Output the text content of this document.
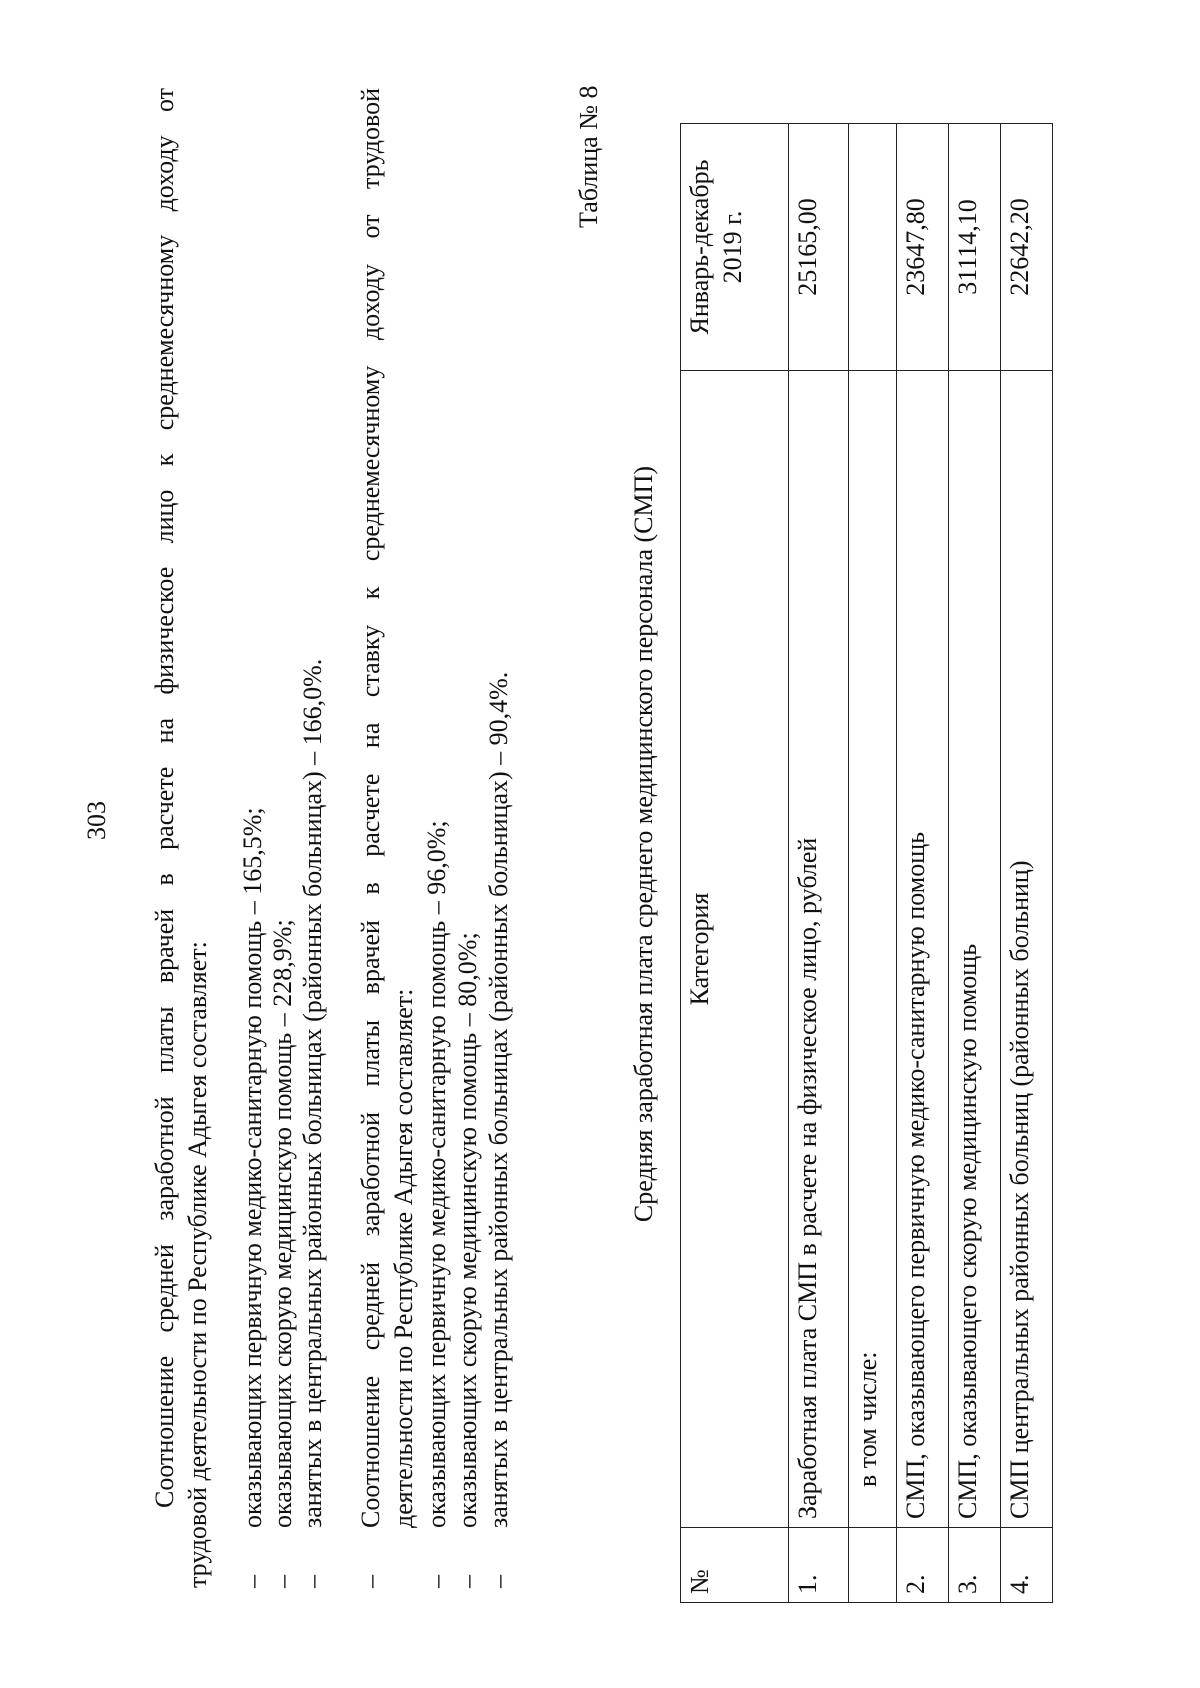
303 Соотношение средней заработной платы врачей в расчете на физическое лицо к среднемесячному доходу от трудовой деятельности по Республике Адыгея составляет: –
оказывающих первичную медико-санитарную помощь – 165,5%;
–
оказывающих скорую медицинскую помощь – 228,9%;
–
занятых в центральных районных больницах (районных больницах) – 166,0%.
–
Соотношение средней заработной платы врачей в расчете на ставку к среднемесячному доходу от трудовой деятельности по Республике Адыгея составляет:
–
оказывающих первичную медико-санитарную помощь – 96,0%;
–
оказывающих скорую медицинскую помощь – 80,0%;
–
занятых в центральных районных больницах (районных больницах) – 90,4%.
Таблица № 8
Средняя заработная плата среднего медицинского персонала (СМП)
№	Категория	Январь-декабрь 2019 г.
1.	Заработная плата СМП в расчете на физическое лицо, рублей	25165,00
	в том числе:	
2.	СМП, оказывающего первичную медико-санитарную помощь	23647,80
3.	СМП, оказывающего скорую медицинскую помощь	31114,10
4.	СМП центральных районных больниц (районных больниц)	22642,20
